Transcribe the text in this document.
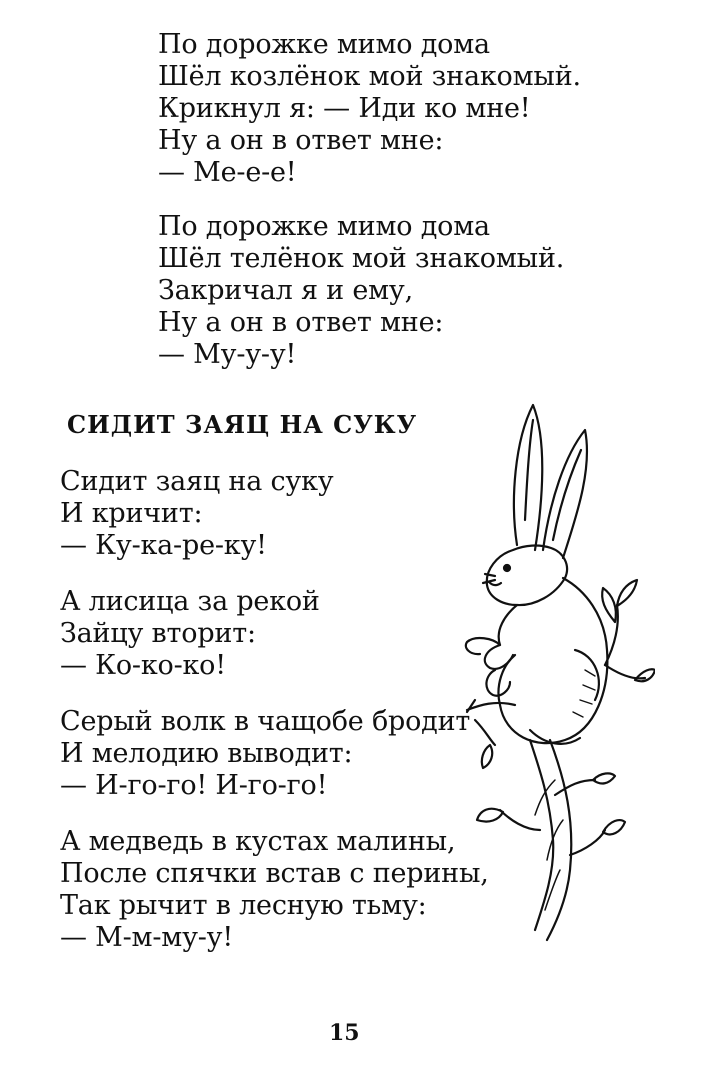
По дорожке мимо дома
Шёл козлёнок мой знакомый.
Крикнул я: — Иди ко мне!
Ну а он в ответ мне:
— Ме-е-е!
По дорожке мимо дома
Шёл телёнок мой знакомый.
Закричал я и ему,
Ну а он в ответ мне:
— Му-у-у!
СИДИТ ЗАЯЦ НА СУКУ
Сидит заяц на суку
И кричит:
— Ку-ка-ре-ку!
А лисица за рекой
Зайцу вторит:
— Ко-ко-ко!
Серый волк в чащобе бродит
И мелодию выводит:
— И-го-го! И-го-го!
А медведь в кустах малины,
После спячки встав с перины,
Так рычит в лесную тьму:
— М-м-му-у!
15
